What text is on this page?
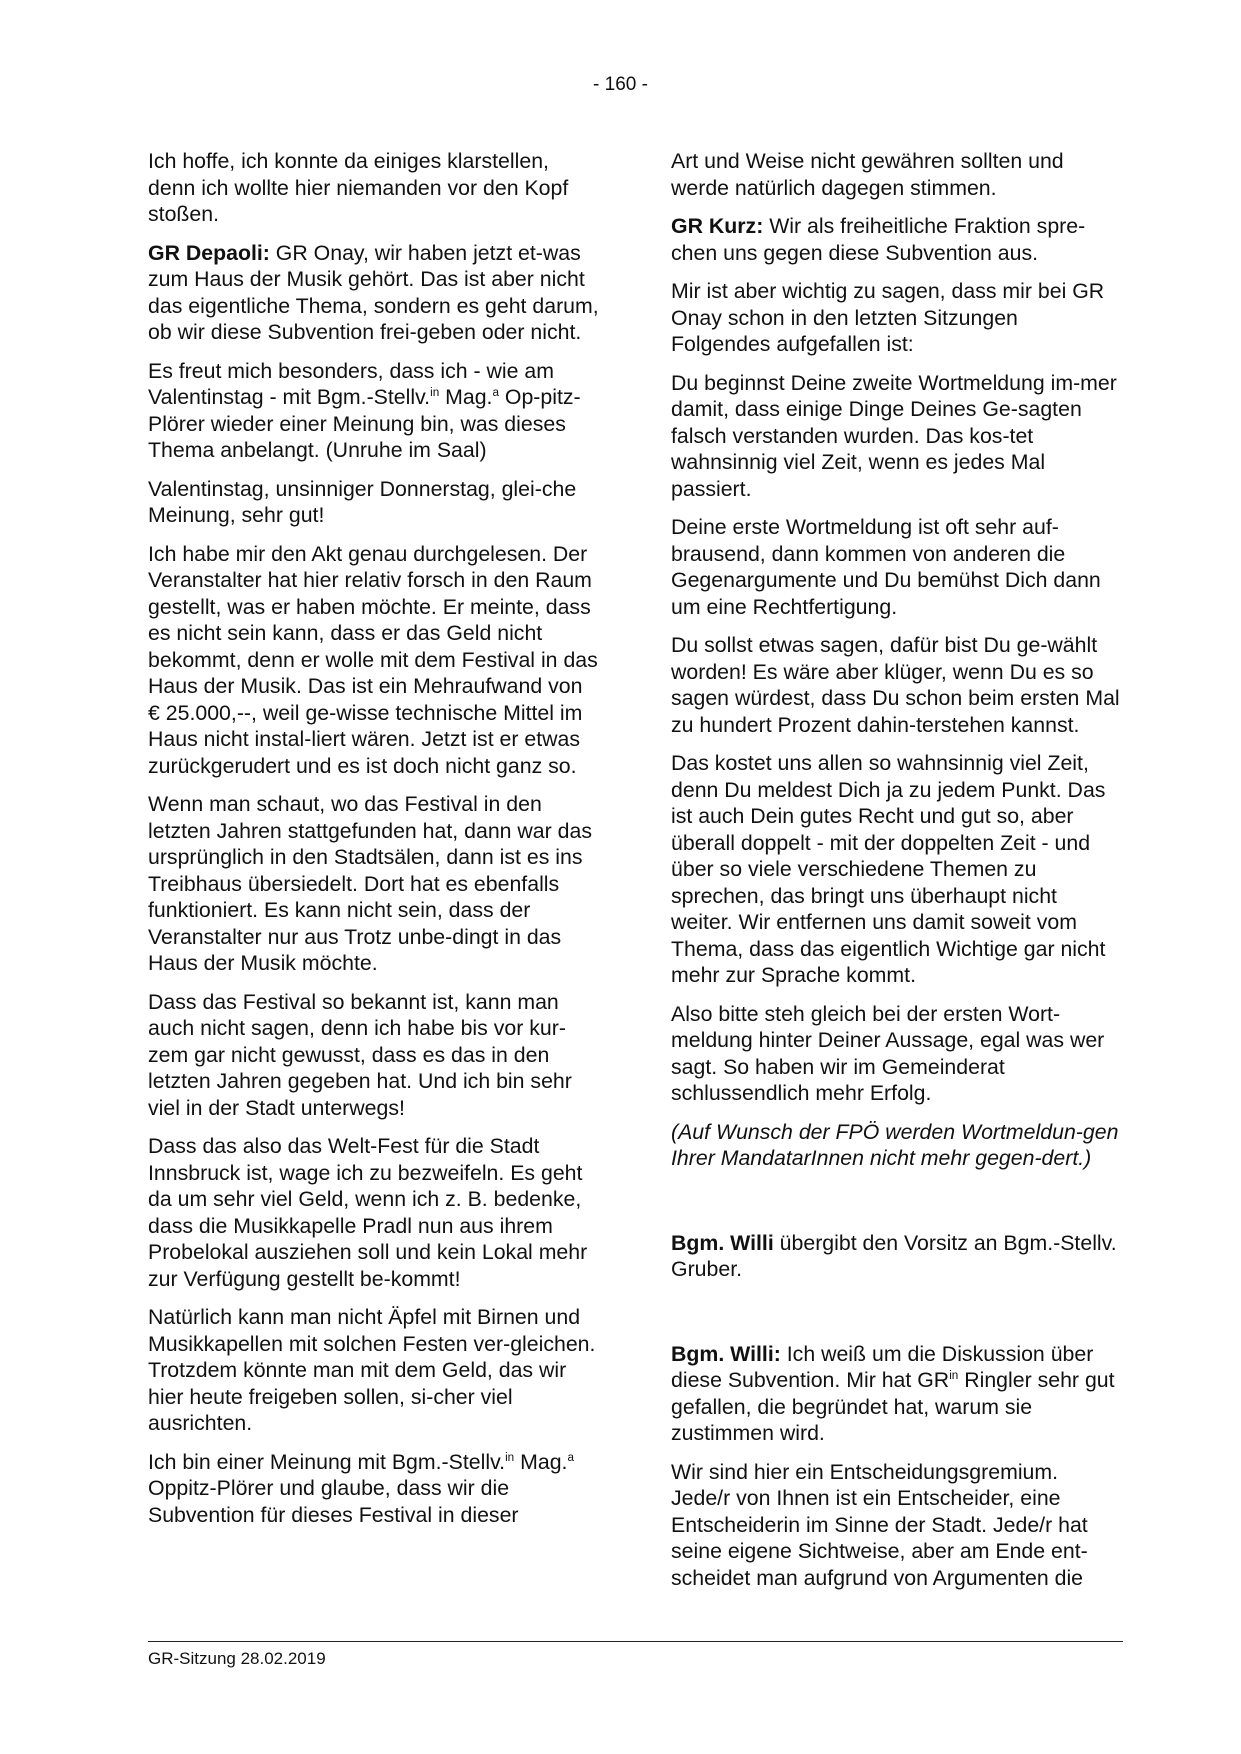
- 160 -

Ich hoffe, ich konnte da einiges klarstellen, denn ich wollte hier niemanden vor den Kopf stoßen.

GR Depaoli: GR Onay, wir haben jetzt et-was zum Haus der Musik gehört. Das ist aber nicht das eigentliche Thema, sondern es geht darum, ob wir diese Subvention frei-geben oder nicht.

Es freut mich besonders, dass ich - wie am Valentinstag - mit Bgm.-Stellv.$^{in}$ Mag.$^a$ Op-pitz-Plörer wieder einer Meinung bin, was dieses Thema anbelangt. (Unruhe im Saal)

Valentinstag, unsinniger Donnerstag, glei-che Meinung, sehr gut!

Ich habe mir den Akt genau durchgelesen. Der Veranstalter hat hier relativ forsch in den Raum gestellt, was er haben möchte. Er meinte, dass es nicht sein kann, dass er das Geld nicht bekommt, denn er wolle mit dem Festival in das Haus der Musik. Das ist ein Mehraufwand von € 25.000,--, weil ge-wisse technische Mittel im Haus nicht instal-liert wären. Jetzt ist er etwas zurückgerudert und es ist doch nicht ganz so.

Wenn man schaut, wo das Festival in den letzten Jahren stattgefunden hat, dann war das ursprünglich in den Stadtsälen, dann ist es ins Treibhaus übersiedelt. Dort hat es ebenfalls funktioniert. Es kann nicht sein, dass der Veranstalter nur aus Trotz unbe-dingt in das Haus der Musik möchte.

Dass das Festival so bekannt ist, kann man auch nicht sagen, denn ich habe bis vor kur-zem gar nicht gewusst, dass es das in den letzten Jahren gegeben hat. Und ich bin sehr viel in der Stadt unterwegs!

Dass das also das Welt-Fest für die Stadt Innsbruck ist, wage ich zu bezweifeln. Es geht da um sehr viel Geld, wenn ich z. B. bedenke, dass die Musikkapelle Pradl nun aus ihrem Probelokal ausziehen soll und kein Lokal mehr zur Verfügung gestellt be-kommt!

Natürlich kann man nicht Äpfel mit Birnen und Musikkapellen mit solchen Festen ver-gleichen. Trotzdem könnte man mit dem Geld, das wir hier heute freigeben sollen, si-cher viel ausrichten.

Ich bin einer Meinung mit Bgm.-Stellv.$^{in}$ Mag.$^a$ Oppitz-Plörer und glaube, dass wir die Subvention für dieses Festival in dieser

Art und Weise nicht gewähren sollten und werde natürlich dagegen stimmen.

GR Kurz: Wir als freiheitliche Fraktion spre-chen uns gegen diese Subvention aus.

Mir ist aber wichtig zu sagen, dass mir bei GR Onay schon in den letzten Sitzungen Folgendes aufgefallen ist:

Du beginnst Deine zweite Wortmeldung im-mer damit, dass einige Dinge Deines Ge-sagten falsch verstanden wurden. Das kos-tet wahnsinnig viel Zeit, wenn es jedes Mal passiert.

Deine erste Wortmeldung ist oft sehr auf-brausend, dann kommen von anderen die Gegenargumente und Du bemühst Dich dann um eine Rechtfertigung.

Du sollst etwas sagen, dafür bist Du ge-wählt worden! Es wäre aber klüger, wenn Du es so sagen würdest, dass Du schon beim ersten Mal zu hundert Prozent dahin-terstehen kannst.

Das kostet uns allen so wahnsinnig viel Zeit, denn Du meldest Dich ja zu jedem Punkt. Das ist auch Dein gutes Recht und gut so, aber überall doppelt - mit der doppelten Zeit - und über so viele verschiedene Themen zu sprechen, das bringt uns überhaupt nicht weiter. Wir entfernen uns damit soweit vom Thema, dass das eigentlich Wichtige gar nicht mehr zur Sprache kommt.

Also bitte steh gleich bei der ersten Wort-meldung hinter Deiner Aussage, egal was wer sagt. So haben wir im Gemeinderat schlussendlich mehr Erfolg.

(Auf Wunsch der FPÖ werden Wortmeldun-gen Ihrer MandatarInnen nicht mehr gegen-dert.)

Bgm. Willi übergibt den Vorsitz an Bgm.-Stellv. Gruber.

Bgm. Willi: Ich weiß um die Diskussion über diese Subvention. Mir hat $GR^{in}$ Ringler sehr gut gefallen, die begründet hat, warum sie zustimmen wird.

Wir sind hier ein Entscheidungsgremium. Jede/r von Ihnen ist ein Entscheider, eine Entscheiderin im Sinne der Stadt. Jede/r hat seine eigene Sichtweise, aber am Ende ent-scheidet man aufgrund von Argumenten die

GR-Sitzung 28.02.2019
